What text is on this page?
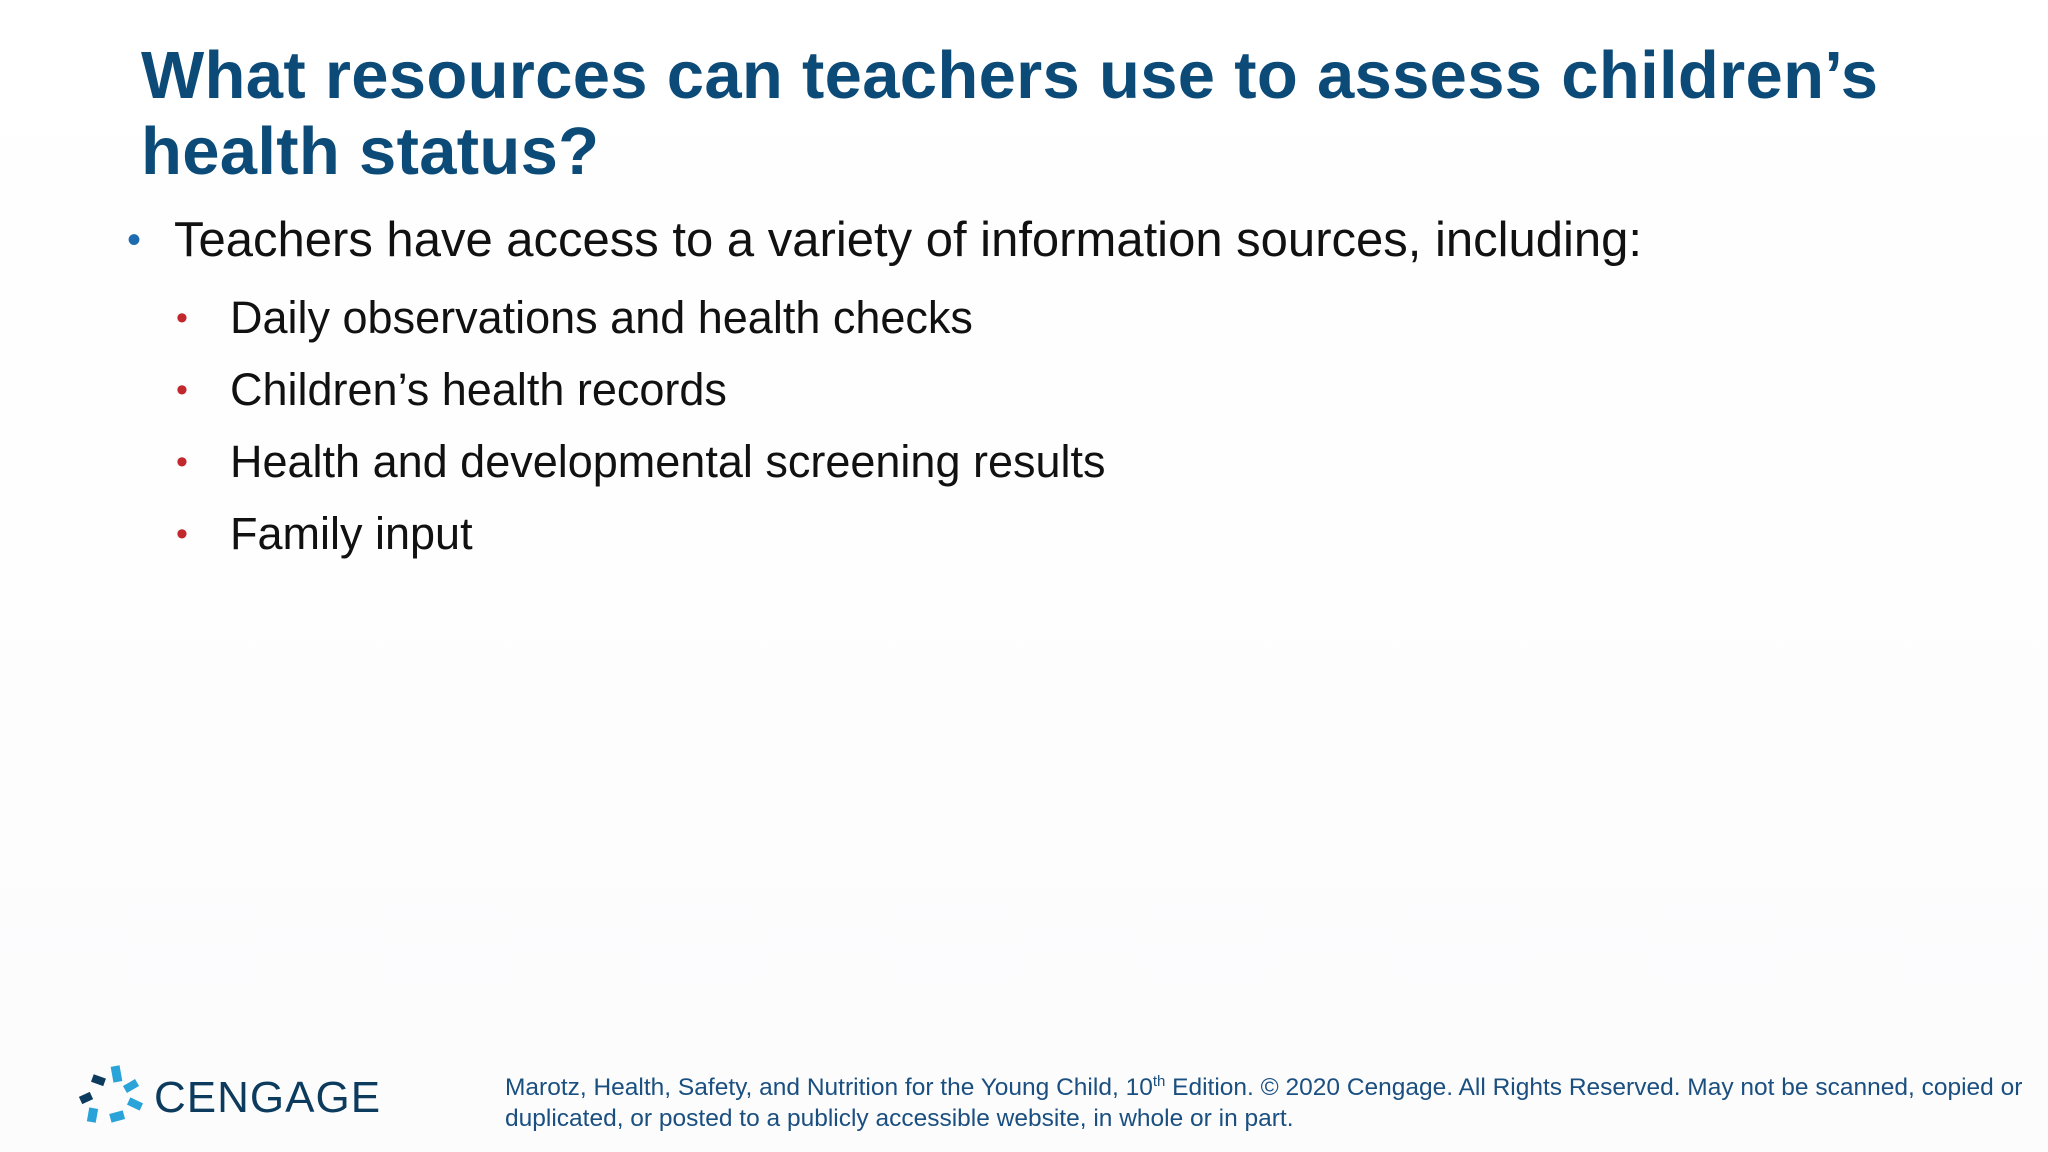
What resources can teachers use to assess children’s health status?
• Teachers have access to a variety of information sources, including:
• Daily observations and health checks
• Children’s health records
• Health and developmental screening results
• Family input
CENGAGE	Marotz, Health, Safety, and Nutrition for the Young Child, 10th Edition. © 2020 Cengage. All Rights Reserved. May not be scanned, copied or duplicated, or posted to a publicly accessible website, in whole or in part.
